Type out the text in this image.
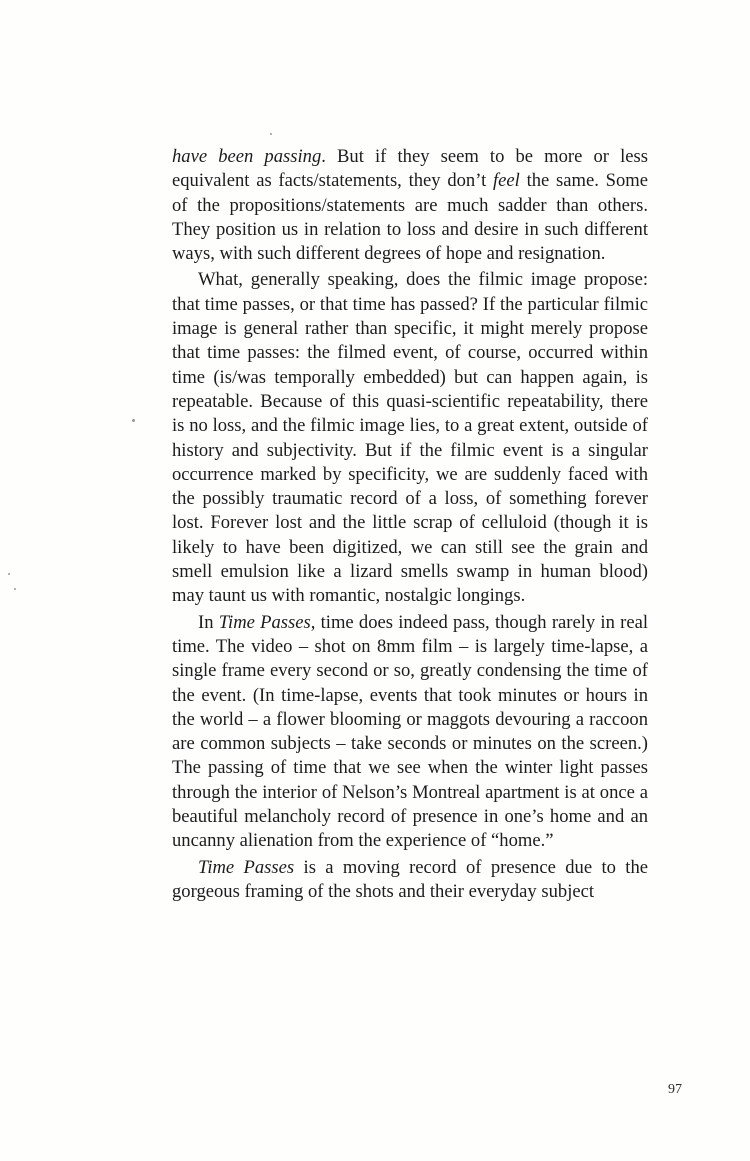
have been passing. But if they seem to be more or less equivalent as facts/statements, they don’t feel the same. Some of the propositions/statements are much sadder than others. They position us in relation to loss and desire in such different ways, with such different degrees of hope and resignation.

What, generally speaking, does the filmic image propose: that time passes, or that time has passed? If the particular filmic image is general rather than specific, it might merely propose that time passes: the filmed event, of course, occurred within time (is/was temporally embedded) but can happen again, is repeatable. Because of this quasi-scientific repeatability, there is no loss, and the filmic image lies, to a great extent, outside of history and subjectivity. But if the filmic event is a singular occurrence marked by specificity, we are suddenly faced with the possibly traumatic record of a loss, of something forever lost. Forever lost and the little scrap of celluloid (though it is likely to have been digitized, we can still see the grain and smell emulsion like a lizard smells swamp in human blood) may taunt us with romantic, nostalgic longings.

In Time Passes, time does indeed pass, though rarely in real time. The video – shot on 8mm film – is largely time-lapse, a single frame every second or so, greatly condensing the time of the event. (In time-lapse, events that took minutes or hours in the world – a flower blooming or maggots devouring a raccoon are common subjects – take seconds or minutes on the screen.) The passing of time that we see when the winter light passes through the interior of Nelson’s Montreal apartment is at once a beautiful melancholy record of presence in one’s home and an uncanny alienation from the experience of “home.”

Time Passes is a moving record of presence due to the gorgeous framing of the shots and their everyday subject

97
